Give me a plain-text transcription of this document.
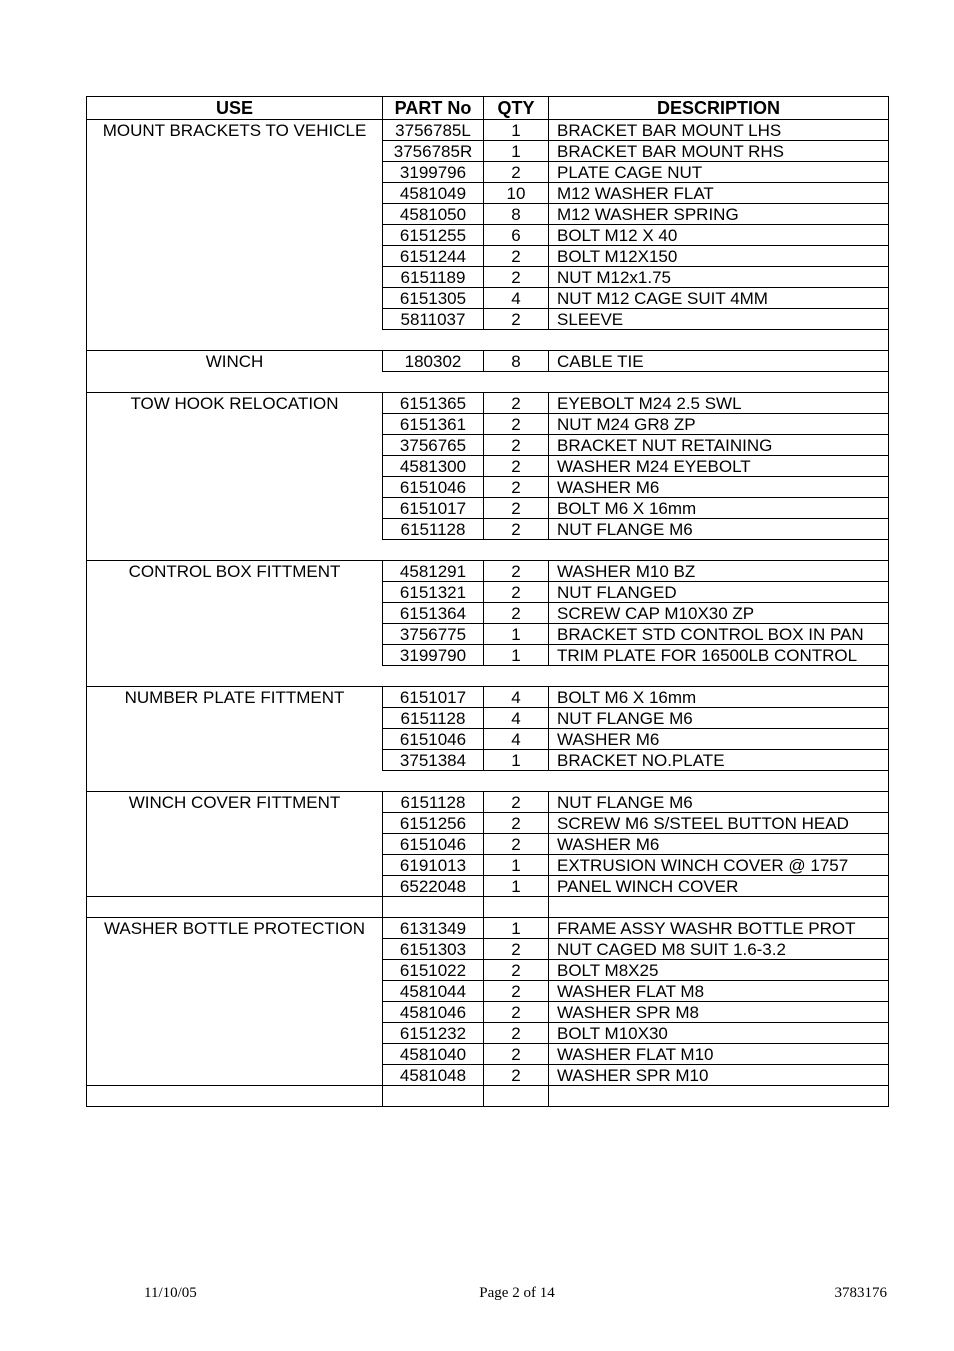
USE	PART No	QTY	DESCRIPTION
MOUNT BRACKETS TO VEHICLE	3756785L	1	BRACKET BAR MOUNT LHS
	3756785R	1	BRACKET BAR MOUNT RHS
	3199796	2	PLATE CAGE NUT
	4581049	10	M12 WASHER FLAT
	4581050	8	M12 WASHER SPRING
	6151255	6	BOLT M12 X 40
	6151244	2	BOLT M12X150
	6151189	2	NUT M12x1.75
	6151305	4	NUT M12 CAGE SUIT 4MM
	5811037	2	SLEEVE

WINCH	180302	8	CABLE TIE

TOW HOOK RELOCATION	6151365	2	EYEBOLT M24 2.5 SWL
	6151361	2	NUT M24 GR8 ZP
	3756765	2	BRACKET NUT RETAINING
	4581300	2	WASHER M24 EYEBOLT
	6151046	2	WASHER M6
	6151017	2	BOLT M6 X 16mm
	6151128	2	NUT FLANGE M6

CONTROL BOX FITTMENT	4581291	2	WASHER M10 BZ
	6151321	2	NUT FLANGED
	6151364	2	SCREW CAP M10X30 ZP
	3756775	1	BRACKET STD CONTROL BOX IN PAN
	3199790	1	TRIM PLATE FOR 16500LB CONTROL

NUMBER PLATE FITTMENT	6151017	4	BOLT M6 X 16mm
	6151128	4	NUT FLANGE M6
	6151046	4	WASHER M6
	3751384	1	BRACKET NO.PLATE

WINCH COVER FITTMENT	6151128	2	NUT FLANGE M6
	6151256	2	SCREW M6 S/STEEL BUTTON HEAD
	6151046	2	WASHER M6
	6191013	1	EXTRUSION WINCH COVER @ 1757
	6522048	1	PANEL WINCH COVER

WASHER BOTTLE PROTECTION	6131349	1	FRAME ASSY WASHR BOTTLE PROT
	6151303	2	NUT CAGED M8 SUIT 1.6-3.2
	6151022	2	BOLT M8X25
	4581044	2	WASHER FLAT M8
	4581046	2	WASHER SPR M8
	6151232	2	BOLT M10X30
	4581040	2	WASHER FLAT M10
	4581048	2	WASHER SPR M10

11/10/05	Page 2 of 14	3783176
